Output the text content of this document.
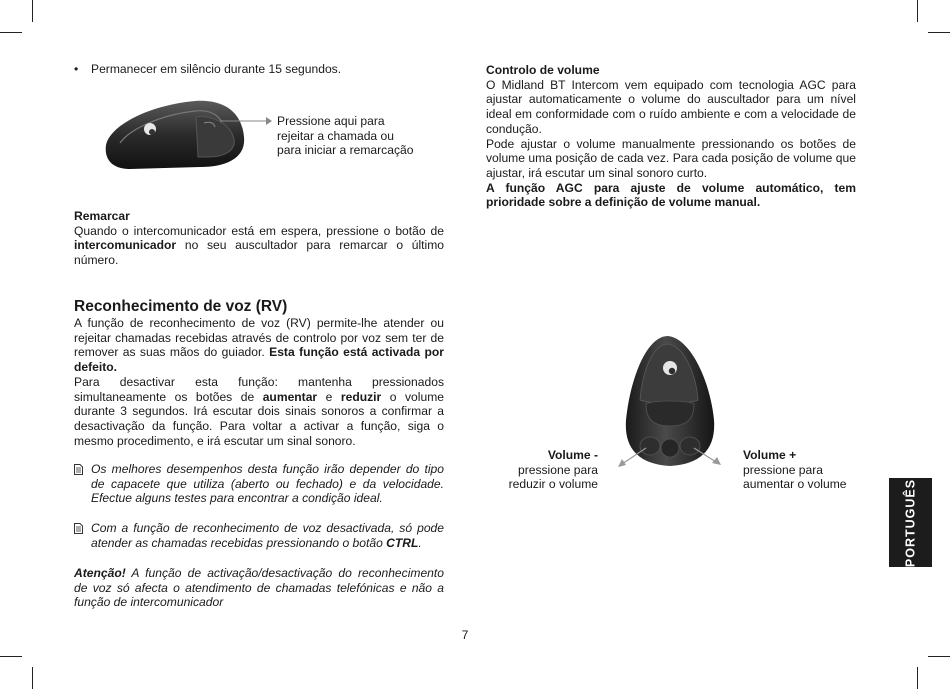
• Permanecer em silêncio durante 15 segundos.
Pressione aqui para
rejeitar a chamada ou
para iniciar a remarcação

Remarcar

Quando o intercomunicador está em espera, pressione o botão de intercomunicador no seu auscultador para remarcar o último número.

Reconhecimento de voz (RV)

A função de reconhecimento de voz (RV) permite-lhe atender ou rejeitar chamadas recebidas através de controlo por voz sem ter de remover as suas mãos do guiador. Esta função está activada por defeito.

Para desactivar esta função: mantenha pressionados simultaneamente os botões de aumentar e reduzir o volume durante 3 segundos. Irá escutar dois sinais sonoros a confirmar a desactivação da função. Para voltar a activar a função, siga o mesmo procedimento, e irá escutar um sinal sonoro.

Os melhores desempenhos desta função irão depender do tipo de capacete que utiliza (aberto ou fechado) e da velocidade. Efectue alguns testes para encontrar a condição ideal.

Com a função de reconhecimento de voz desactivada, só pode atender as chamadas recebidas pressionando o botão CTRL.

Atenção! A função de activação/desactivação do reconhecimento de voz só afecta o atendimento de chamadas telefónicas e não a função de intercomunicador

Controlo de volume

O Midland BT Intercom vem equipado com tecnologia AGC para ajustar automaticamente o volume do auscultador para um nível ideal em conformidade com o ruído ambiente e com a velocidade de condução.

Pode ajustar o volume manualmente pressionando os botões de volume uma posição de cada vez. Para cada posição de volume que ajustar, irá escutar um sinal sonoro curto.

A função AGC para ajuste de volume automático, tem prioridade sobre a definição de volume manual.

Volume -
pressione para
reduzir o volume
Volume +
pressione para
aumentar o volume	PORTUGUÊS
7
